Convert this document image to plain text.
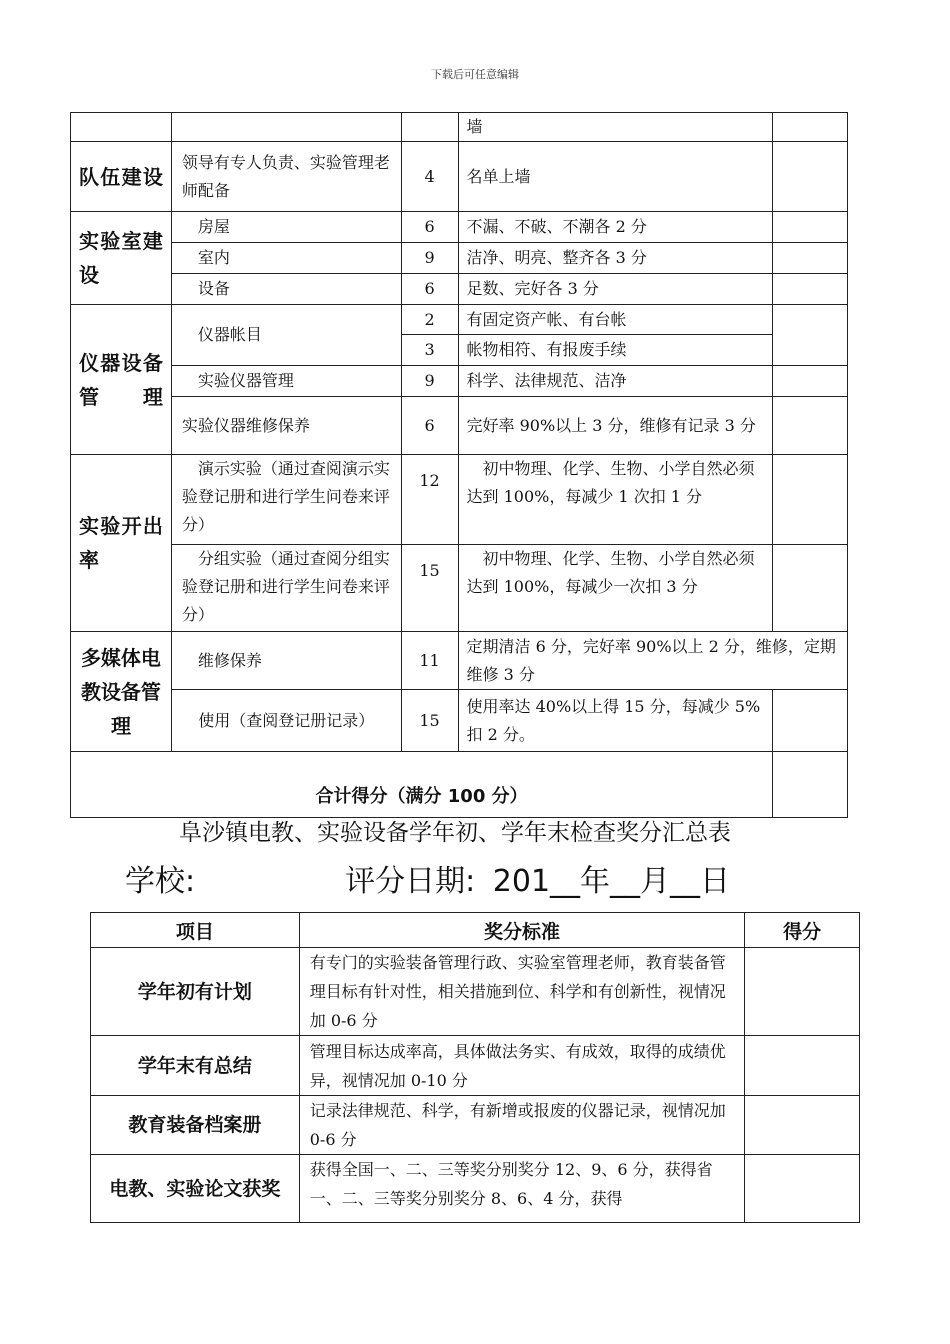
下载后可任意编辑
			墙	
队伍建设	领导有专人负责、实验管理老师配备	4	名单上墙	
实验室建设	房屋	6	不漏、不破、不潮各 2 分	
	室内	9	洁净、明亮、整齐各 3 分	
	设备	6	足数、完好各 3 分	
仪器设备管理	仪器帐目	2	有固定资产帐、有台帐	
		3	帐物相符、有报废手续	
	实验仪器管理	9	科学、法律规范、洁净	
	实验仪器维修保养	6	完好率 90%以上 3 分，维修有记录 3 分	
实验开出率	演示实验（通过查阅演示实验登记册和进行学生问卷来评分）	12	初中物理、化学、生物、小学自然必须达到 100%，每减少 1 次扣 1 分	
	分组实验（通过查阅分组实验登记册和进行学生问卷来评分）	15	初中物理、化学、生物、小学自然必须达到 100%，每减少一次扣 3 分	
多媒体电教设备管理	维修保养	11	定期清洁 6 分，完好率 90%以上 2 分，维修，定期维修 3 分	
	使用（查阅登记册记录）	15	使用率达 40%以上得 15 分，每减少 5%扣 2 分。	
合计得分（满分 100 分）				
阜沙镇电教、实验设备学年初、学年末检查奖分汇总表
学校:	评分日期: 201__年__月__日
项目	奖分标准	得分
学年初有计划	有专门的实验装备管理行政、实验室管理老师，教育装备管理目标有针对性，相关措施到位、科学和有创新性，视情况加 0-6 分	
学年末有总结	管理目标达成率高，具体做法务实、有成效，取得的成绩优异，视情况加 0-10 分	
教育装备档案册	记录法律规范、科学，有新增或报废的仪器记录，视情况加 0-6 分	
电教、实验论文获奖	获得全国一、二、三等奖分别奖分 12、9、6 分，获得省一、二、三等奖分别奖分 8、6、4 分，获得	
